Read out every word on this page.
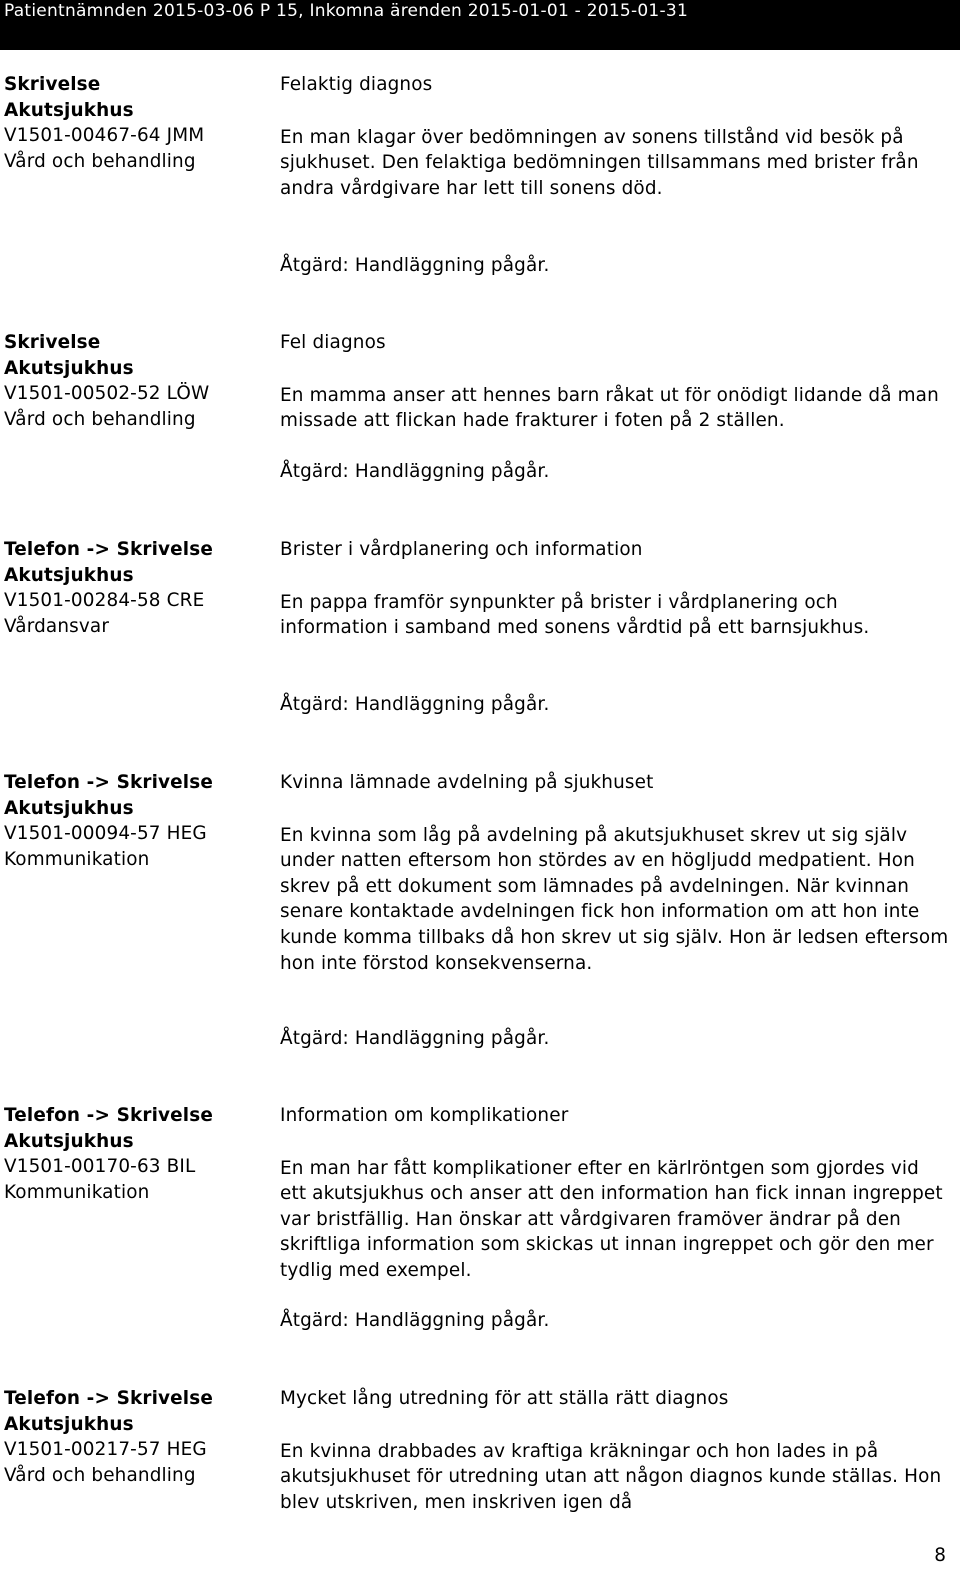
Patientnämnden 2015-03-06 P 15, Inkomna ärenden 2015-01-01 - 2015-01-31
Skrivelse
Akutsjukhus
V1501-00467-64 JMM
Vård och behandling
Felaktig diagnos
En man klagar över bedömningen av sonens tillstånd vid besök på sjukhuset. Den felaktiga bedömningen tillsammans med brister från andra vårdgivare har lett till sonens död.
Åtgärd: Handläggning pågår.
Skrivelse
Akutsjukhus
V1501-00502-52 LÖW
Vård och behandling
Fel diagnos
En mamma anser att hennes barn råkat ut för onödigt lidande då man missade att flickan hade frakturer i foten på 2 ställen.
Åtgärd: Handläggning pågår.
Telefon -> Skrivelse
Akutsjukhus
V1501-00284-58 CRE
Vårdansvar
Brister i vårdplanering och information
En pappa framför synpunkter på brister i vårdplanering och information i samband med sonens vårdtid på ett barnsjukhus.
Åtgärd: Handläggning pågår.
Telefon -> Skrivelse
Akutsjukhus
V1501-00094-57 HEG
Kommunikation
Kvinna lämnade avdelning på sjukhuset
En kvinna som låg på avdelning på akutsjukhuset skrev ut sig själv under natten eftersom hon stördes av en högljudd medpatient. Hon skrev på ett dokument som lämnades på avdelningen. När kvinnan senare kontaktade avdelningen fick hon information om att hon inte kunde komma tillbaks då hon skrev ut sig själv. Hon är ledsen eftersom hon inte förstod konsekvenserna.
Åtgärd: Handläggning pågår.
Telefon -> Skrivelse
Akutsjukhus
V1501-00170-63 BIL
Kommunikation
Information om komplikationer
En man har fått komplikationer efter en kärlröntgen som gjordes vid ett akutsjukhus och anser att den information han fick innan ingreppet var bristfällig. Han önskar att vårdgivaren framöver ändrar på den skriftliga information som skickas ut innan ingreppet och gör den mer tydlig med exempel.
Åtgärd: Handläggning pågår.
Telefon -> Skrivelse
Akutsjukhus
V1501-00217-57 HEG
Vård och behandling
Mycket lång utredning för att ställa rätt diagnos
En kvinna drabbades av kraftiga kräkningar och hon lades in på akutsjukhuset för utredning utan att någon diagnos kunde ställas. Hon blev utskriven, men inskriven igen då
8
